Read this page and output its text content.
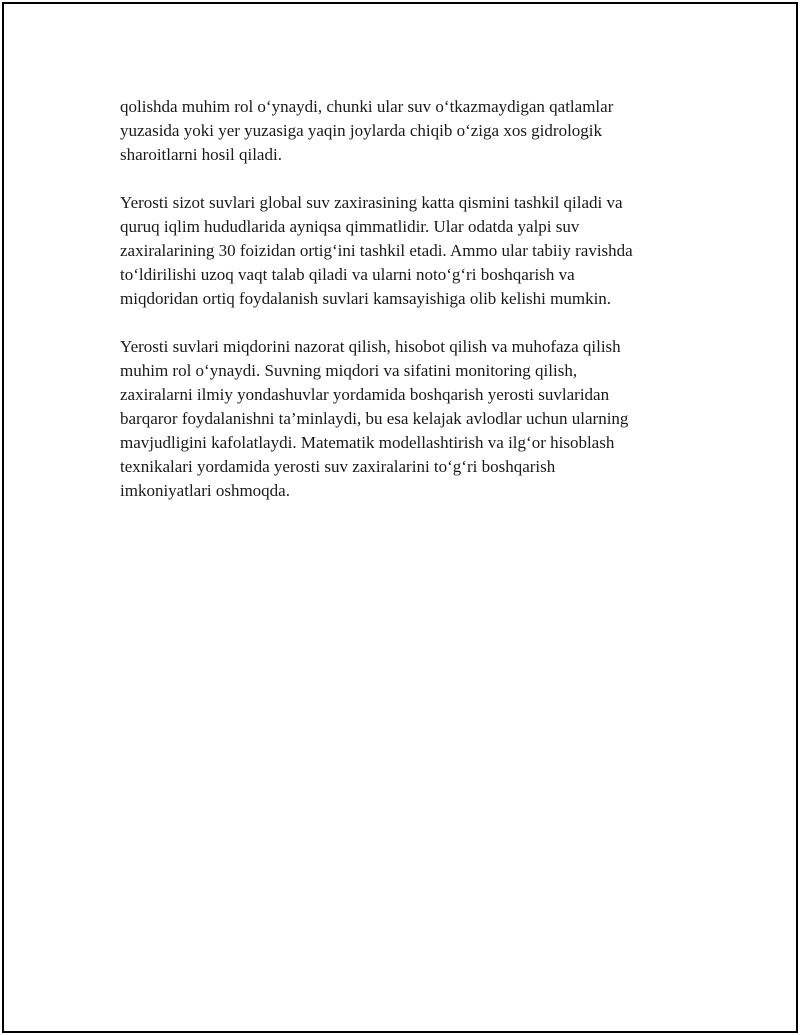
qolishda muhim rol o‘ynaydi, chunki ular suv o‘tkazmaydigan qatlamlar
yuzasida yoki yer yuzasiga yaqin joylarda chiqib o‘ziga xos gidrologik
sharoitlarni hosil qiladi.

Yerosti sizot suvlari global suv zaxirasining katta qismini tashkil qiladi va
quruq iqlim hududlarida ayniqsa qimmatlidir. Ular odatda yalpi suv
zaxiralarining 30 foizidan ortig‘ini tashkil etadi. Ammo ular tabiiy ravishda
to‘ldirilishi uzoq vaqt talab qiladi va ularni noto‘g‘ri boshqarish va
miqdoridan ortiq foydalanish suvlari kamsayishiga olib kelishi mumkin.

Yerosti suvlari miqdorini nazorat qilish, hisobot qilish va muhofaza qilish
muhim rol o‘ynaydi. Suvning miqdori va sifatini monitoring qilish,
zaxiralarni ilmiy yondashuvlar yordamida boshqarish yerosti suvlaridan
barqaror foydalanishni ta’minlaydi, bu esa kelajak avlodlar uchun ularning
mavjudligini kafolatlaydi. Matematik modellashtirish va ilg‘or hisoblash
texnikalari yordamida yerosti suv zaxiralarini to‘g‘ri boshqarish
imkoniyatlari oshmoqda.
